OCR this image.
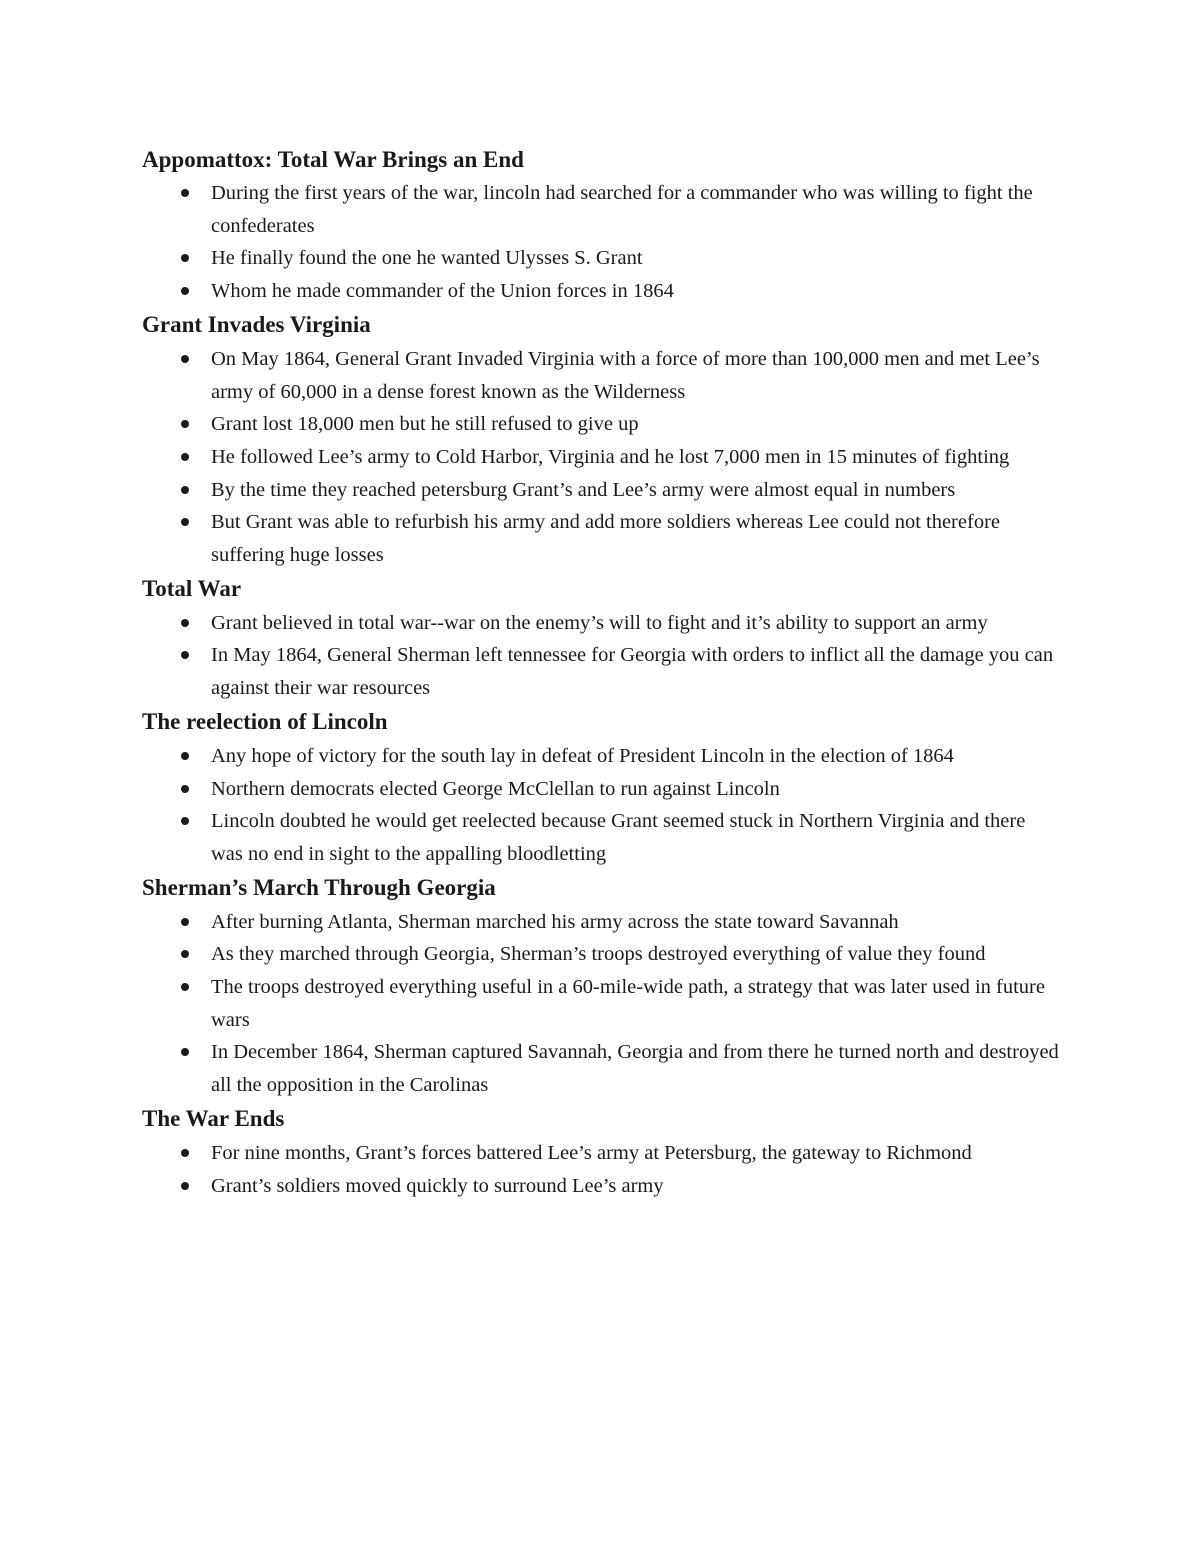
Appomattox: Total War Brings an End
During the first years of the war, lincoln had searched for a commander who was willing to fight the confederates
He finally found the one he wanted Ulysses S. Grant
Whom he made commander of the Union forces in 1864
Grant Invades Virginia
On May 1864, General Grant Invaded Virginia with a force of more than 100,000 men and met Lee’s army of 60,000 in a dense forest known as the Wilderness
Grant lost 18,000 men but he still refused to give up
He followed Lee’s army to Cold Harbor, Virginia and he lost 7,000 men in 15 minutes of fighting
By the time they reached petersburg Grant’s and Lee’s army were almost equal in numbers
But Grant was able to refurbish his army and add more soldiers whereas Lee could not therefore suffering huge losses
Total War
Grant believed in total war--war on the enemy’s will to fight and it’s ability to support an army
In May 1864, General Sherman left tennessee for Georgia with orders to inflict all the damage you can against their war resources
The reelection of Lincoln
Any hope of victory for the south lay in defeat of President Lincoln in the election of 1864
Northern democrats elected George McClellan to run against Lincoln
Lincoln doubted he would get reelected because Grant seemed stuck in Northern Virginia and there was no end in sight to the appalling bloodletting
Sherman’s March Through Georgia
After burning Atlanta, Sherman marched his army across the state toward Savannah
As they marched through Georgia, Sherman’s troops destroyed everything of value they found
The troops destroyed everything useful in a 60-mile-wide path, a strategy that was later used in future wars
In December 1864, Sherman captured Savannah, Georgia and from there he turned north and destroyed all the opposition in the Carolinas
The War Ends
For nine months, Grant’s forces battered Lee’s army at Petersburg, the gateway to Richmond
Grant’s soldiers moved quickly to surround Lee’s army
